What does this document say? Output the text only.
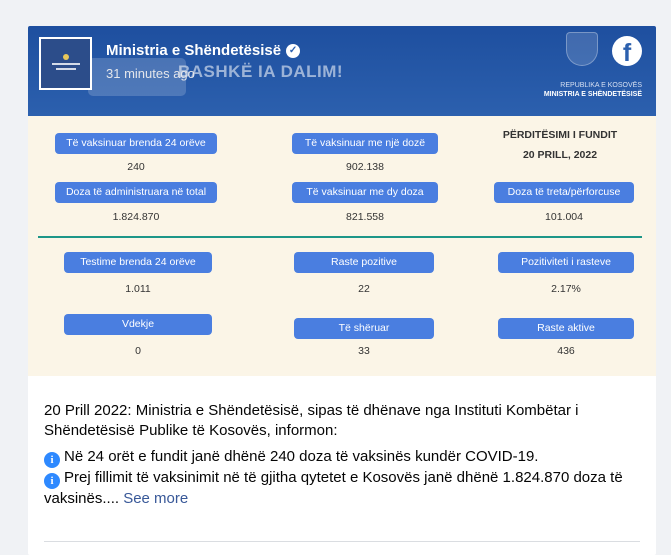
BASHKË IA DALIM!
Ministria e Shëndetësisë ✓
31 minutes ago
f
REPUBLIKA E KOSOVËS
MINISTRIA E SHËNDETËSISË
Të vaksinuar brenda 24 orëve
240
Të vaksinuar me një dozë
902.138
PËRDITËSIMI I FUNDIT
20 PRILL, 2022
Doza të administruara në total
1.824.870
Të vaksinuar me dy doza
821.558
Doza të treta/përforcuse
101.004
Testime brenda 24 orëve
1.011
Raste pozitive
22
Pozitiviteti i rasteve
2.17%
Vdekje
0
Të shëruar
33
Raste aktive
436

20 Prill 2022: Ministria e Shëndetësisë, sipas të dhënave nga Instituti Kombëtar i Shëndetësisë Publike të Kosovës, informon:

i Në 24 orët e fundit janë dhënë 240 doza të vaksinës kundër COVID-19.
i Prej fillimit të vaksinimit në të gjitha qytetet e Kosovës janë dhënë 1.824.870 doza të vaksinës.... See more
